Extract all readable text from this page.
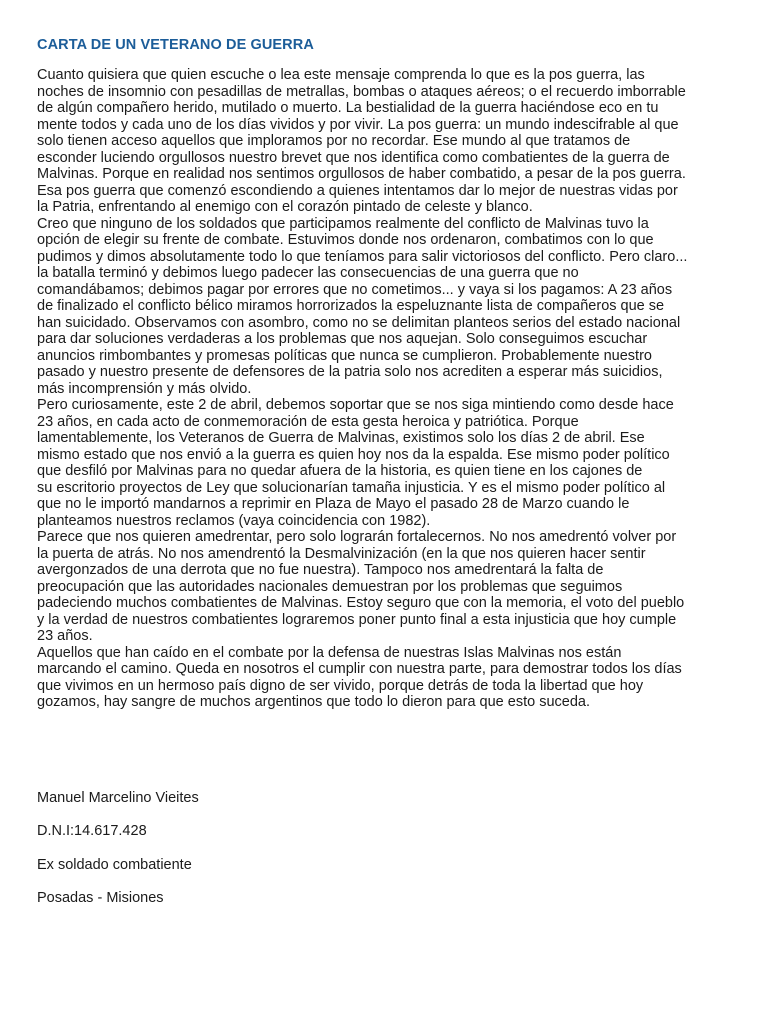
CARTA DE UN VETERANO DE GUERRA
Cuanto quisiera que quien escuche o lea este mensaje comprenda lo que es la pos guerra, las
noches de insomnio con pesadillas de metrallas, bombas o ataques aéreos; o el recuerdo imborrable
de algún compañero herido, mutilado o muerto. La bestialidad de la guerra haciéndose eco en tu
mente todos y cada uno de los días vividos y por vivir. La pos guerra: un mundo indescifrable al que
solo tienen acceso aquellos que imploramos por no recordar. Ese mundo al que tratamos de
esconder luciendo orgullosos nuestro brevet que nos identifica como combatientes de la guerra de
Malvinas. Porque en realidad nos sentimos orgullosos de haber combatido, a pesar de la pos guerra.
Esa pos guerra que comenzó escondiendo a quienes intentamos dar lo mejor de nuestras vidas por
la Patria, enfrentando al enemigo con el corazón pintado de celeste y blanco.
Creo que ninguno de los soldados que participamos realmente del conflicto de Malvinas tuvo la
opción de elegir su frente de combate. Estuvimos donde nos ordenaron, combatimos con lo que
pudimos y dimos absolutamente todo lo que teníamos para salir victoriosos del conflicto. Pero claro...
la batalla terminó y debimos luego padecer las consecuencias de una guerra que no
comandábamos; debimos pagar por errores que no cometimos... y vaya si los pagamos: A 23 años
de finalizado el conflicto bélico miramos horrorizados la espeluznante lista de compañeros que se
han suicidado. Observamos con asombro, como no se delimitan planteos serios del estado nacional
para dar soluciones verdaderas a los problemas que nos aquejan. Solo conseguimos escuchar
anuncios rimbombantes y promesas políticas que nunca se cumplieron. Probablemente nuestro
pasado y nuestro presente de defensores de la patria solo nos acrediten a esperar más suicidios,
más incomprensión y más olvido.
Pero curiosamente, este 2 de abril, debemos soportar que se nos siga mintiendo como desde hace
23 años, en cada acto de conmemoración de esta gesta heroica y patriótica. Porque
lamentablemente, los Veteranos de Guerra de Malvinas, existimos solo los días 2 de abril. Ese
mismo estado que nos envió a la guerra es quien hoy nos da la espalda. Ese mismo poder político
que desfiló por Malvinas para no quedar afuera de la historia, es quien tiene en los cajones de
su escritorio proyectos de Ley que solucionarían tamaña injusticia. Y es el mismo poder político al
que no le importó mandarnos a reprimir en Plaza de Mayo el pasado 28 de Marzo cuando le
planteamos nuestros reclamos (vaya coincidencia con 1982).
Parece que nos quieren amedrentar, pero solo lograrán fortalecernos. No nos amedrentó volver por
la puerta de atrás. No nos amendrentó la Desmalvinización (en la que nos quieren hacer sentir
avergonzados de una derrota que no fue nuestra). Tampoco nos amedrentará la falta de
preocupación que las autoridades nacionales demuestran por los problemas que seguimos
padeciendo muchos combatientes de Malvinas. Estoy seguro que con la memoria, el voto del pueblo
y la verdad de nuestros combatientes lograremos poner punto final a esta injusticia que hoy cumple
23 años.
Aquellos que han caído en el combate por la defensa de nuestras Islas Malvinas nos están
marcando el camino. Queda en nosotros el cumplir con nuestra parte, para demostrar todos los días
que vivimos en un hermoso país digno de ser vivido, porque detrás de toda la libertad que hoy
gozamos, hay sangre de muchos argentinos que todo lo dieron para que esto suceda.
Manuel Marcelino Vieites
D.N.I:14.617.428
Ex soldado combatiente
Posadas - Misiones
